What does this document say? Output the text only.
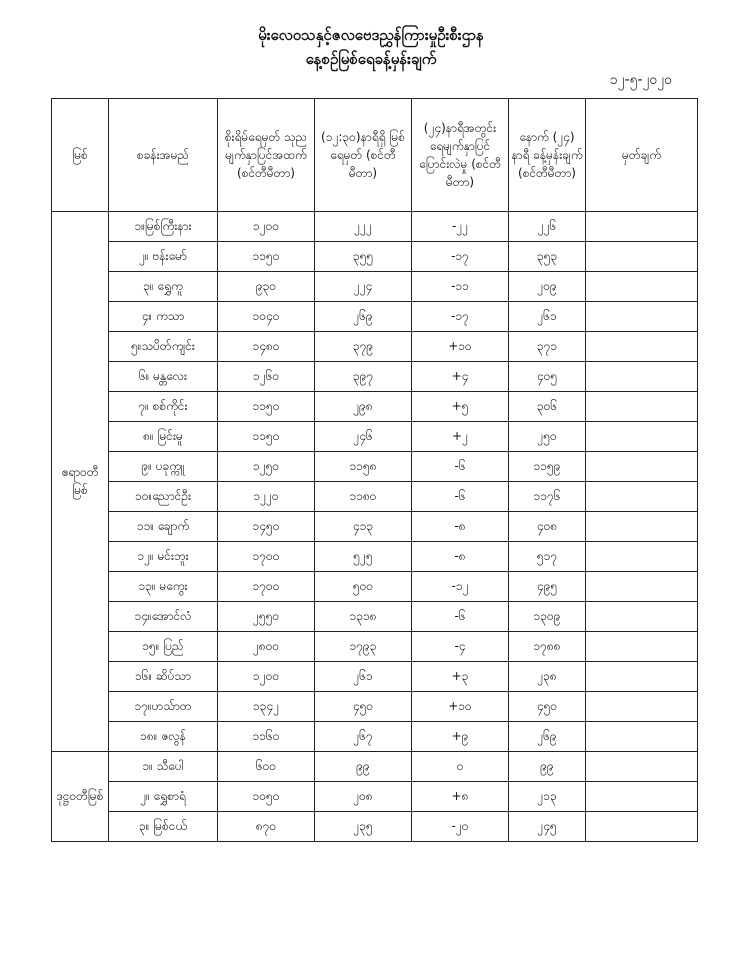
မိုးလေဝသနှင့်ဇလဗေဒညွှန်ကြားမှုဦးစီးဌာန
နေ့စဉ်မြစ်ရေခန့်မှန်းချက်
၁၂-၅-၂၀၂၀
မြစ်	စခန်းအမည်	စိုးရိမ်ရေမှတ် သုညမျက်နှာပြင်အထက် (စင်တီမီတာ)	(၁၂:၃၀)နာရီရှိ မြစ်ရေမှတ် (စင်တီမီတာ)	(၂၄)နာရီအတွင်း ရေမျက်နှာပြင် ပြောင်းလဲမှု (စင်တီမီတာ)	နောက် (၂၄) နာရီ ခန့်မှန်းချက် (စင်တီမီတာ)	မှတ်ချက်
ဧရာဝတီမြစ်	၁။မြစ်ကြီးနား	၁၂၀၀	၂၂၂	-၂၂	၂၂၆	
	၂။ ဗန်းမော်	၁၁၅၀	၃၅၅	-၁၇	၃၅၃	
	၃။ ရွှေကူ	၉၃၀	၂၂၄	-၁၁	၂၀၉	
	၄။ ကသာ	၁၀၄၀	၂၆၉	-၁၇	၂၆၁	
	၅။သပိတ်ကျင်း	၁၄၈၀	၃၇၉	+၁၀	၃၇၁	
	၆။ မန္တလေး	၁၂၆၀	၃၉၇	+၄	၄၀၅	
	၇။ စစ်ကိုင်း	၁၁၅၀	၂၉၈	+၅	၃၀၆	
	၈။ မြင်းမူ	၁၁၅၀	၂၄၆	+၂	၂၅၀	
	၉။ ပခုက္ကူ	၁၂၅၀	၁၁၅၈	-၆	၁၁၅၉	
	၁၀။ညောင်ဦး	၁၂၂၀	၁၁၈၀	-၆	၁၁၇၆	
	၁၁။ ချောက်	၁၄၅၀	၄၁၃	-၈	၄၀၈	
	၁၂။ မင်းဘူး	၁၇၀၀	၅၂၅	-၈	၅၁၇	
	၁၃။ မကွေး	၁၇၀၀	၅၀၀	-၁၂	၄၉၅	
	၁၄။အောင်လံ	၂၅၅၀	၁၃၁၈	-၆	၁၃၀၉	
	၁၅။ ပြည်	၂၈၀၀	၁၇၉၃	-၄	၁၇၈၈	
	၁၆။ ဆိပ်သာ	၁၂၀၀	၂၆၁	+၃	၂၃၈	
	၁၇။ဟသ်ာတ	၁၃၄၂	၄၅၀	+၁၀	၄၅၀	
	၁၈။ ဇလွန်	၁၁၆၀	၂၆၇	+၉	၂၆၉	
ဒုဋ္ဌဝတီမြစ်	၁။ သီပေါ	၆၀၀	၉၉	၀	၉၉	
	၂။ ရွှေစာရံ	၁၀၅၀	၂၀၈	+၈	၂၁၃	
	၃။ မြစ်ငယ်	၈၇၀	၂၃၅	-၂၀	၂၄၅	
